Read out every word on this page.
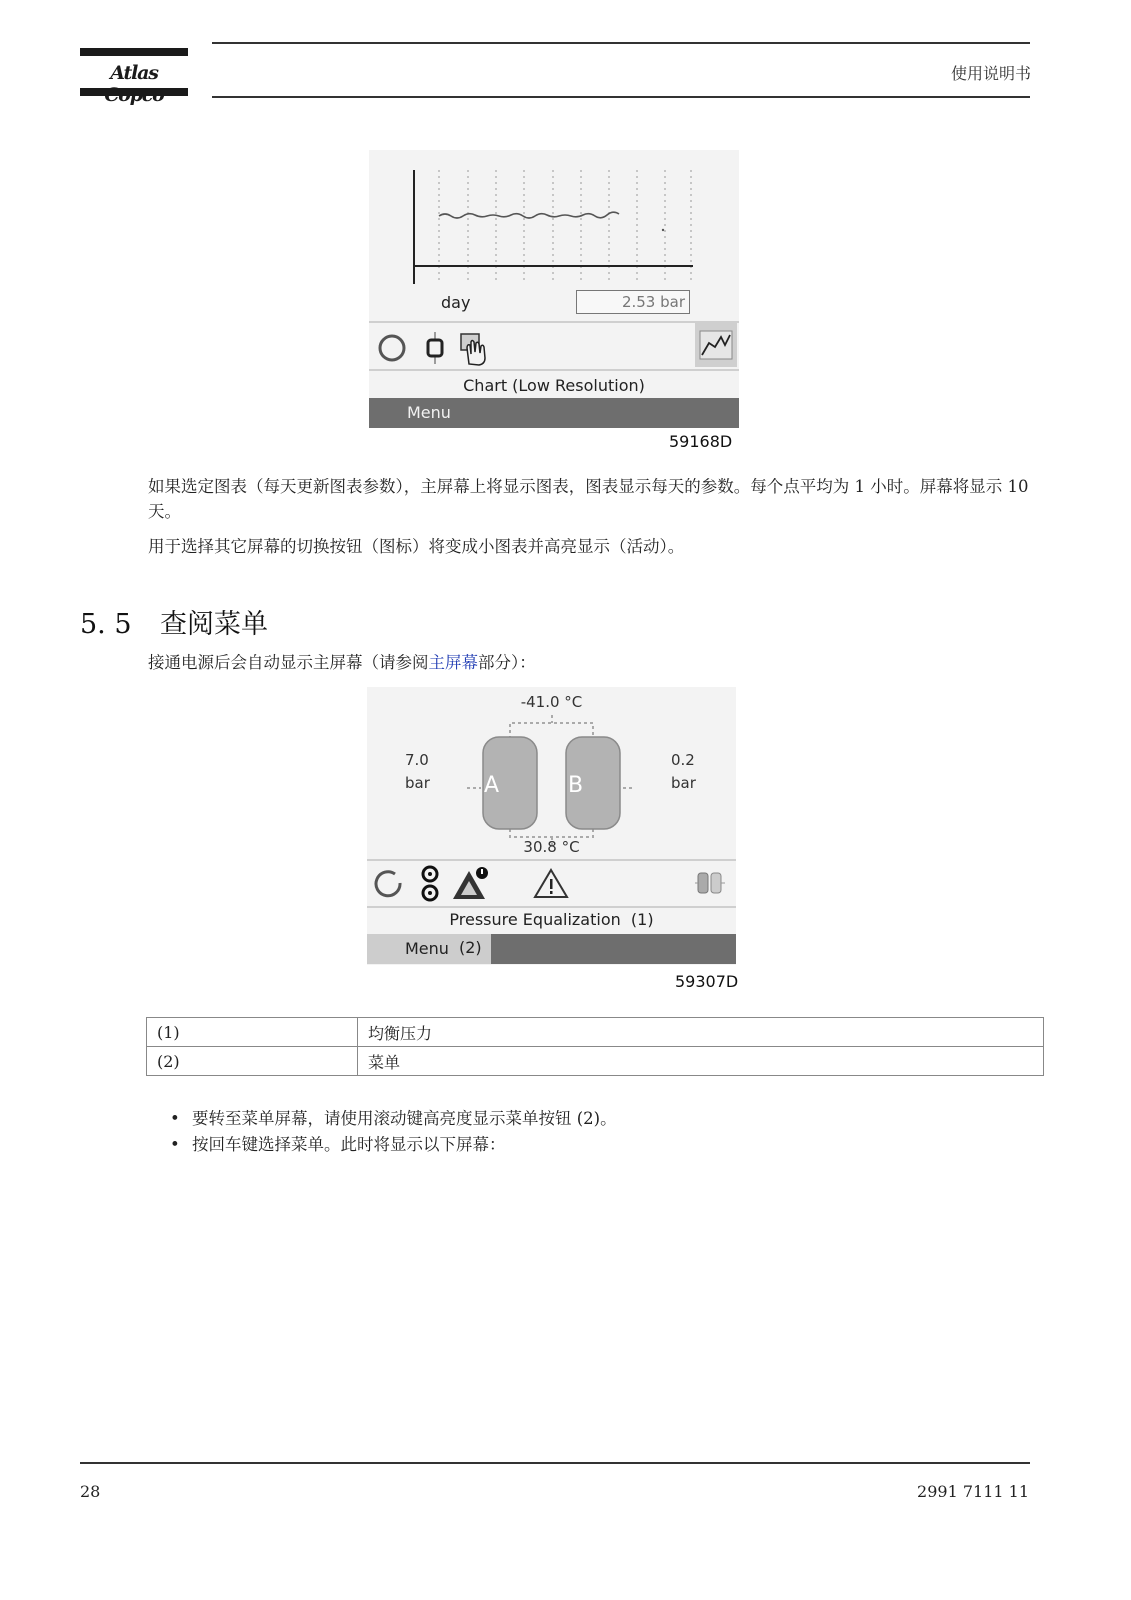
Atlas	使用说明书
day	2.53 bar
Chart (Low Resolution)
Menu
59168D
如果选定图表（每天更新图表参数），主屏幕上将显示图表，图表显示每天的参数。每个点平均为 1 小时。屏幕将显示 10 天。
用于选择其它屏幕的切换按钮（图标）将变成小图表并高亮显示（活动）。
5. 5 查阅菜单
接通电源后会自动显示主屏幕（请参阅主屏幕部分）：
-41.0 °C
A	B
7.0
bar
0.2
bar
30.8 °C
Pressure Equalization (1)
Menu (2)
59307D
(1)	均衡压力
(2)	菜单
• 要转至菜单屏幕，请使用滚动键高亮度显示菜单按钮 (2)。
• 按回车键选择菜单。此时将显示以下屏幕：
28	2991 7111 11
